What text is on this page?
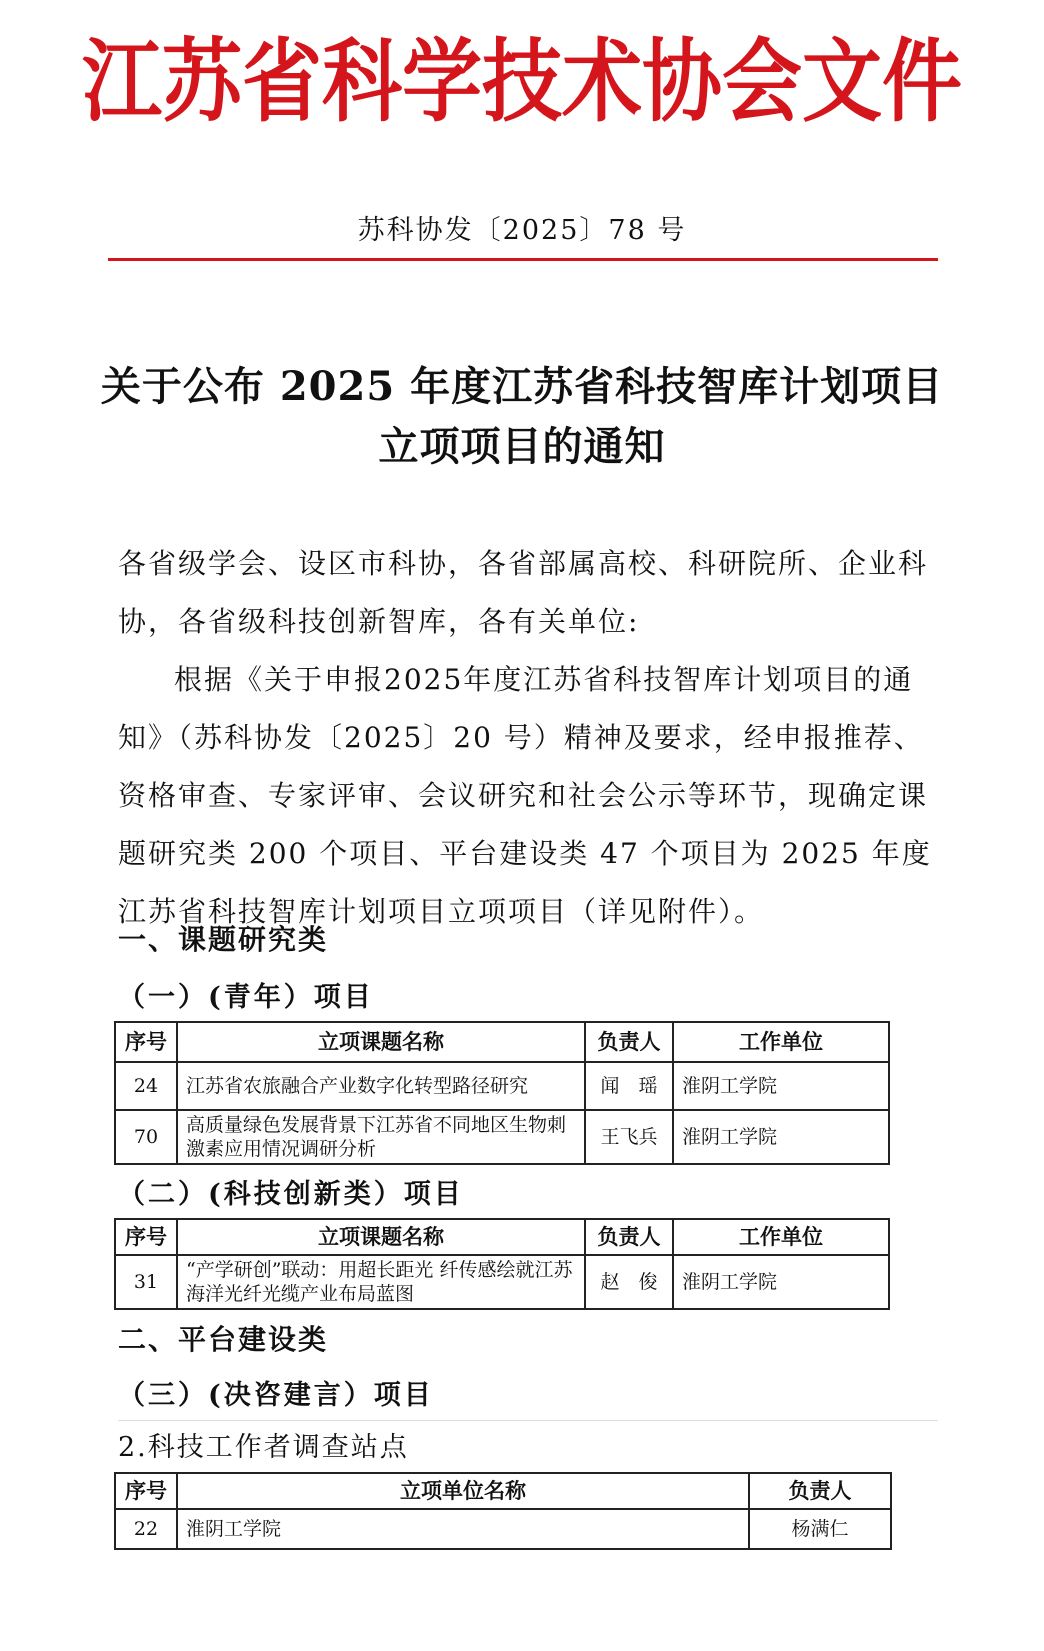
江苏省科学技术协会文件
苏科协发〔2025〕78 号
关于公布 2025 年度江苏省科技智库计划项目
立项项目的通知
各省级学会、设区市科协，各省部属高校、科研院所、企业科协，各省级科技创新智库，各有关单位:
根据《关于申报2025年度江苏省科技智库计划项目的通知》（苏科协发〔2025〕20 号）精神及要求，经申报推荐、资格审查、专家评审、会议研究和社会公示等环节，现确定课题研究类 200 个项目、平台建设类 47 个项目为 2025 年度江苏省科技智库计划项目立项项目（详见附件）。
一、课题研究类
（一）(青年）项目
序号	立项课题名称	负责人	工作单位
24	江苏省农旅融合产业数字化转型路径研究	闻　瑶	淮阴工学院
70	高质量绿色发展背景下江苏省不同地区生物刺激素应用情况调研分析	王飞兵	淮阴工学院
（二）(科技创新类）项目
序号	立项课题名称	负责人	工作单位
31	“产学研创”联动：用超长距光 纤传感绘就江苏海洋光纤光缆产业布局蓝图	赵　俊	淮阴工学院
二、平台建设类
（三）(决咨建言）项目
2.科技工作者调查站点
序号	立项单位名称	负责人
22	淮阴工学院	杨满仁
